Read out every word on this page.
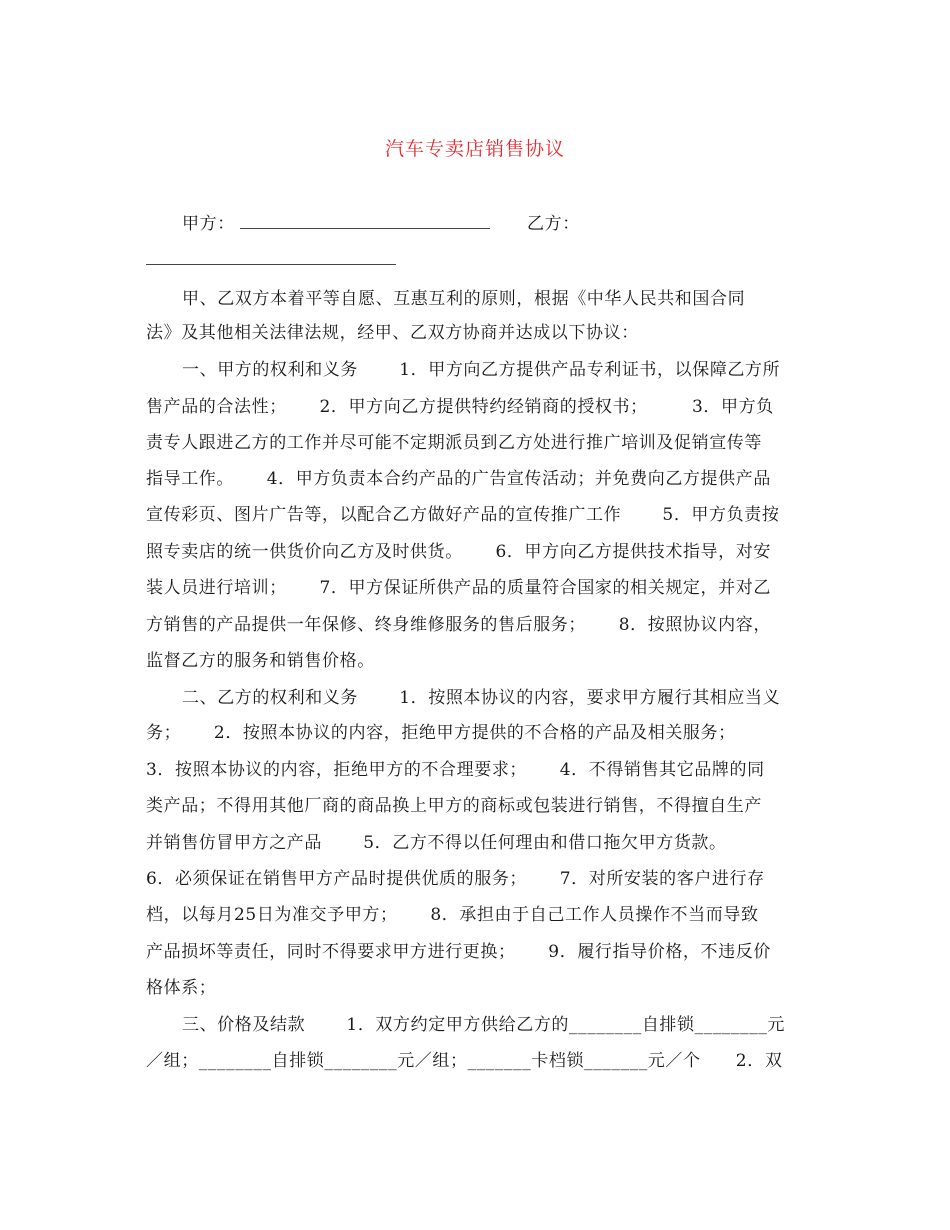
汽车专卖店销售协议
甲方：	乙方：
甲、乙双方本着平等自愿、互惠互利的原则，根据《中华人民共和国合同
法》及其他相关法律法规，经甲、乙双方协商并达成以下协议：
一、甲方的权利和义务　　 1．甲方向乙方提供产品专利证书，以保障乙方所
售产品的合法性；　　 2．甲方向乙方提供特约经销商的授权书；　　　3．甲方负
责专人跟进乙方的工作并尽可能不定期派员到乙方处进行推广培训及促销宣传等
指导工作。　　 4．甲方负责本合约产品的广告宣传活动；并免费向乙方提供产品
宣传彩页、图片广告等，以配合乙方做好产品的宣传推广工作　　 5．甲方负责按
照专卖店的统一供货价向乙方及时供货。　　 6．甲方向乙方提供技术指导，对安
装人员进行培训；　　 7．甲方保证所供产品的质量符合国家的相关规定，并对乙
方销售的产品提供一年保修、终身维修服务的售后服务；　　 8．按照协议内容，
监督乙方的服务和销售价格。
二、乙方的权利和义务　　 1．按照本协议的内容，要求甲方履行其相应当义
务；　　 2．按照本协议的内容，拒绝甲方提供的不合格的产品及相关服务；
3．按照本协议的内容，拒绝甲方的不合理要求；　　 4．不得销售其它品牌的同
类产品；不得用其他厂商的商品换上甲方的商标或包装进行销售，不得擅自生产
并销售仿冒甲方之产品　　 5．乙方不得以任何理由和借口拖欠甲方货款。
6．必须保证在销售甲方产品时提供优质的服务；　　 7．对所安装的客户进行存
档，以每月25日为准交予甲方；　　 8．承担由于自己工作人员操作不当而导致
产品损坏等责任，同时不得要求甲方进行更换；　　 9．履行指导价格，不违反价
格体系；
三、价格及结款　　 1．双方约定甲方供给乙方的________自排锁________元
／组；________自排锁________元／组；_______卡档锁_______元／个　　2．双
